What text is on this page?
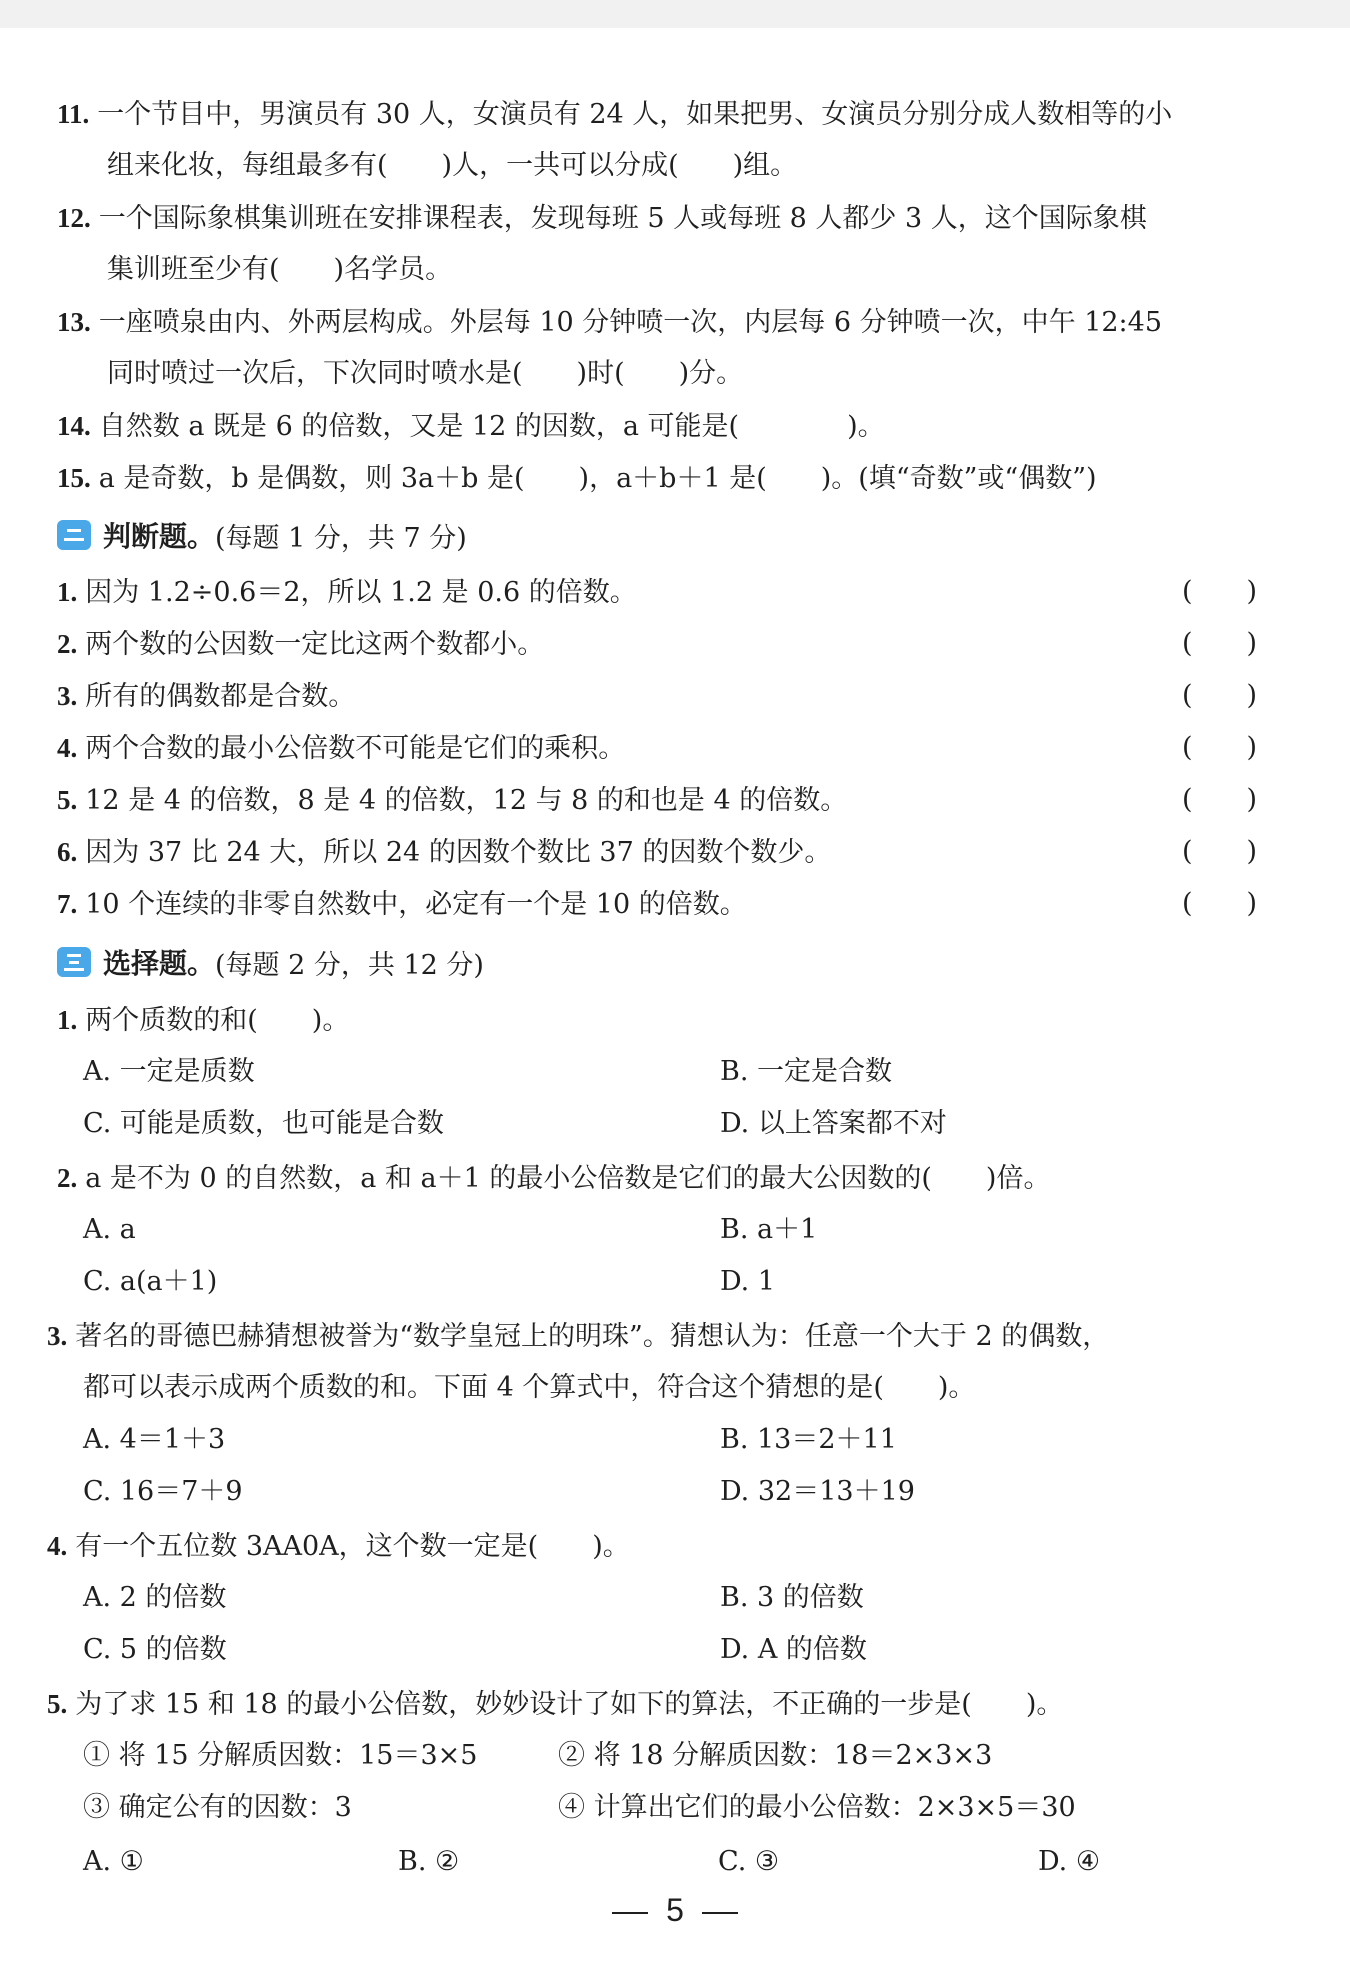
11. 一个节目中，男演员有 30 人，女演员有 24 人，如果把男、女演员分别分成人数相等的小
组来化妆，每组最多有(　　)人，一共可以分成(　　)组。
12. 一个国际象棋集训班在安排课程表，发现每班 5 人或每班 8 人都少 3 人，这个国际象棋
集训班至少有(　　)名学员。
13. 一座喷泉由内、外两层构成。外层每 10 分钟喷一次，内层每 6 分钟喷一次，中午 12:45
同时喷过一次后，下次同时喷水是(　　)时(　　)分。
14. 自然数 a 既是 6 的倍数，又是 12 的因数，a 可能是(　　　　)。
15. a 是奇数，b 是偶数，则 3a＋b 是(　　)，a＋b＋1 是(　　)。(填“奇数”或“偶数”)
判断题。 (每题 1 分，共 7 分)
1. 因为 1.2÷0.6＝2，所以 1.2 是 0.6 的倍数。	(　　)
2. 两个数的公因数一定比这两个数都小。	(　　)
3. 所有的偶数都是合数。	(　　)
4. 两个合数的最小公倍数不可能是它们的乘积。	(　　)
5. 12 是 4 的倍数，8 是 4 的倍数，12 与 8 的和也是 4 的倍数。	(　　)
6. 因为 37 比 24 大，所以 24 的因数个数比 37 的因数个数少。	(　　)
7. 10 个连续的非零自然数中，必定有一个是 10 的倍数。	(　　)
选择题。 (每题 2 分，共 12 分)
1. 两个质数的和(　　)。
A. 一定是质数	B. 一定是合数
C. 可能是质数，也可能是合数	D. 以上答案都不对
2. a 是不为 0 的自然数，a 和 a＋1 的最小公倍数是它们的最大公因数的(　　)倍。
A. a	B. a＋1
C. a(a＋1)	D. 1
3. 著名的哥德巴赫猜想被誉为“数学皇冠上的明珠”。猜想认为：任意一个大于 2 的偶数，
都可以表示成两个质数的和。下面 4 个算式中，符合这个猜想的是(　　)。
A. 4＝1＋3	B. 13＝2＋11
C. 16＝7＋9	D. 32＝13＋19
4. 有一个五位数 3AA0A，这个数一定是(　　)。
A. 2 的倍数	B. 3 的倍数
C. 5 的倍数	D. A 的倍数
5. 为了求 15 和 18 的最小公倍数，妙妙设计了如下的算法，不正确的一步是(　　)。
① 将 15 分解质因数：15＝3×5	② 将 18 分解质因数：18＝2×3×3
③ 确定公有的因数：3	④ 计算出它们的最小公倍数：2×3×5＝30
A. ①	B. ②	C. ③	D. ④
5
